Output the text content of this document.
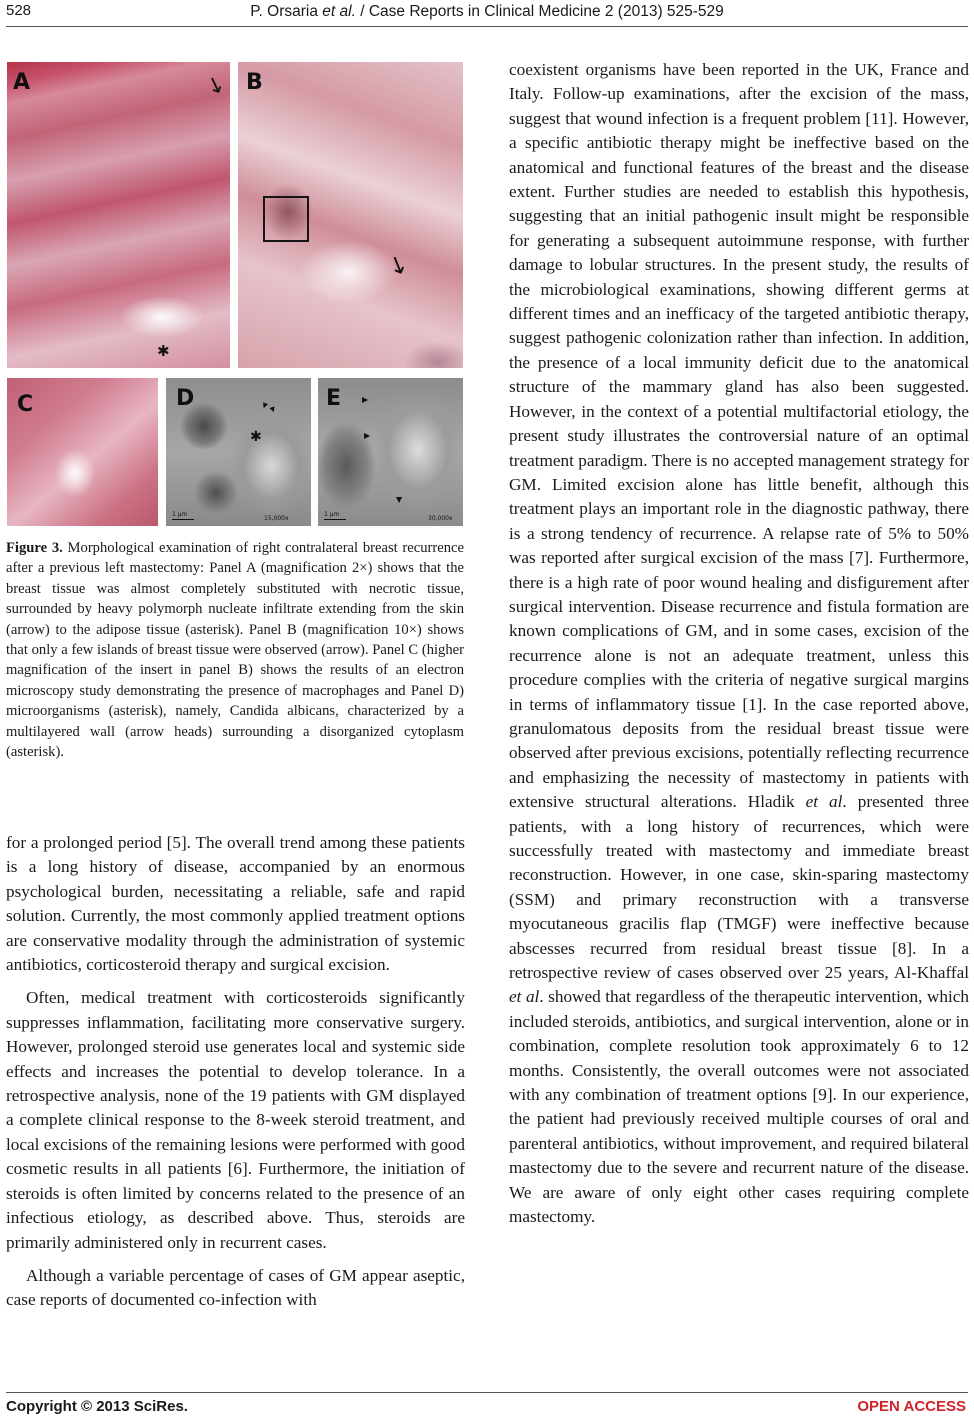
528	P. Orsaria et al. / Case Reports in Clinical Medicine 2 (2013) 525-529
A	↓
✱
B
↓
C	D
✱
▲ ▲
1 µm
15,000x
E	▲
▲
▲
1 µm
30,000x
Figure 3. Morphological examination of right contralateral breast recurrence after a previous left mastectomy: Panel A (magnification 2×) shows that the breast tissue was almost completely substituted with necrotic tissue, surrounded by heavy polymorph nucleate infiltrate extending from the skin (arrow) to the adipose tissue (asterisk). Panel B (magnification 10×) shows that only a few islands of breast tissue were observed (arrow). Panel C (higher magnification of the insert in panel B) shows the results of an electron microscopy study demonstrating the presence of macrophages and Panel D) microorganisms (asterisk), namely, Candida albicans, characterized by a multilayered wall (arrow heads) surrounding a disorganized cytoplasm (asterisk).

for a prolonged period [5]. The overall trend among these patients is a long history of disease, accompanied by an enormous psychological burden, necessitating a reliable, safe and rapid solution. Currently, the most commonly applied treatment options are conservative modality through the administration of systemic antibiotics, corticosteroid therapy and surgical excision.

Often, medical treatment with corticosteroids significantly suppresses inflammation, facilitating more conservative surgery. However, prolonged steroid use generates local and systemic side effects and increases the potential to develop tolerance. In a retrospective analysis, none of the 19 patients with GM displayed a complete clinical response to the 8-week steroid treatment, and local excisions of the remaining lesions were performed with good cosmetic results in all patients [6]. Furthermore, the initiation of steroids is often limited by concerns related to the presence of an infectious etiology, as described above. Thus, steroids are primarily administered only in recurrent cases.

Although a variable percentage of cases of GM appear aseptic, case reports of documented co-infection with

coexistent organisms have been reported in the UK, France and Italy. Follow-up examinations, after the excision of the mass, suggest that wound infection is a frequent problem [11]. However, a specific antibiotic therapy might be ineffective based on the anatomical and functional features of the breast and the disease extent. Further studies are needed to establish this hypothesis, suggesting that an initial pathogenic insult might be responsible for generating a subsequent autoimmune response, with further damage to lobular structures. In the present study, the results of the microbiological examinations, showing different germs at different times and an inefficacy of the targeted antibiotic therapy, suggest pathogenic colonization rather than infection. In addition, the presence of a local immunity deficit due to the anatomical structure of the mammary gland has also been suggested. However, in the context of a potential multifactorial etiology, the present study illustrates the controversial nature of an optimal treatment paradigm. There is no accepted management strategy for GM. Limited excision alone has little benefit, although this treatment plays an important role in the diagnostic pathway, there is a strong tendency of recurrence. A relapse rate of 5% to 50% was reported after surgical excision of the mass [7]. Furthermore, there is a high rate of poor wound healing and disfigurement after surgical intervention. Disease recurrence and fistula formation are known complications of GM, and in some cases, excision of the recurrence alone is not an adequate treatment, unless this procedure complies with the criteria of negative surgical margins in terms of inflammatory tissue [1]. In the case reported above, granulomatous deposits from the residual breast tissue were observed after previous excisions, potentially reflecting recurrence and emphasizing the necessity of mastectomy in patients with extensive structural alterations. Hladik et al. presented three patients, with a long history of recurrences, which were successfully treated with mastectomy and immediate breast reconstruction. However, in one case, skin-sparing mastectomy (SSM) and primary reconstruction with a transverse myocutaneous gracilis flap (TMGF) were ineffective because abscesses recurred from residual breast tissue [8]. In a retrospective review of cases observed over 25 years, Al-Khaffal et al. showed that regardless of the therapeutic intervention, which included steroids, antibiotics, and surgical intervention, alone or in combination, complete resolution took approximately 6 to 12 months. Consistently, the overall outcomes were not associated with any combination of treatment options [9]. In our experience, the patient had previously received multiple courses of oral and parenteral antibiotics, without improvement, and required bilateral mastectomy due to the severe and recurrent nature of the disease. We are aware of only eight other cases requiring complete mastectomy.

Copyright © 2013 SciRes.	OPEN ACCESS
